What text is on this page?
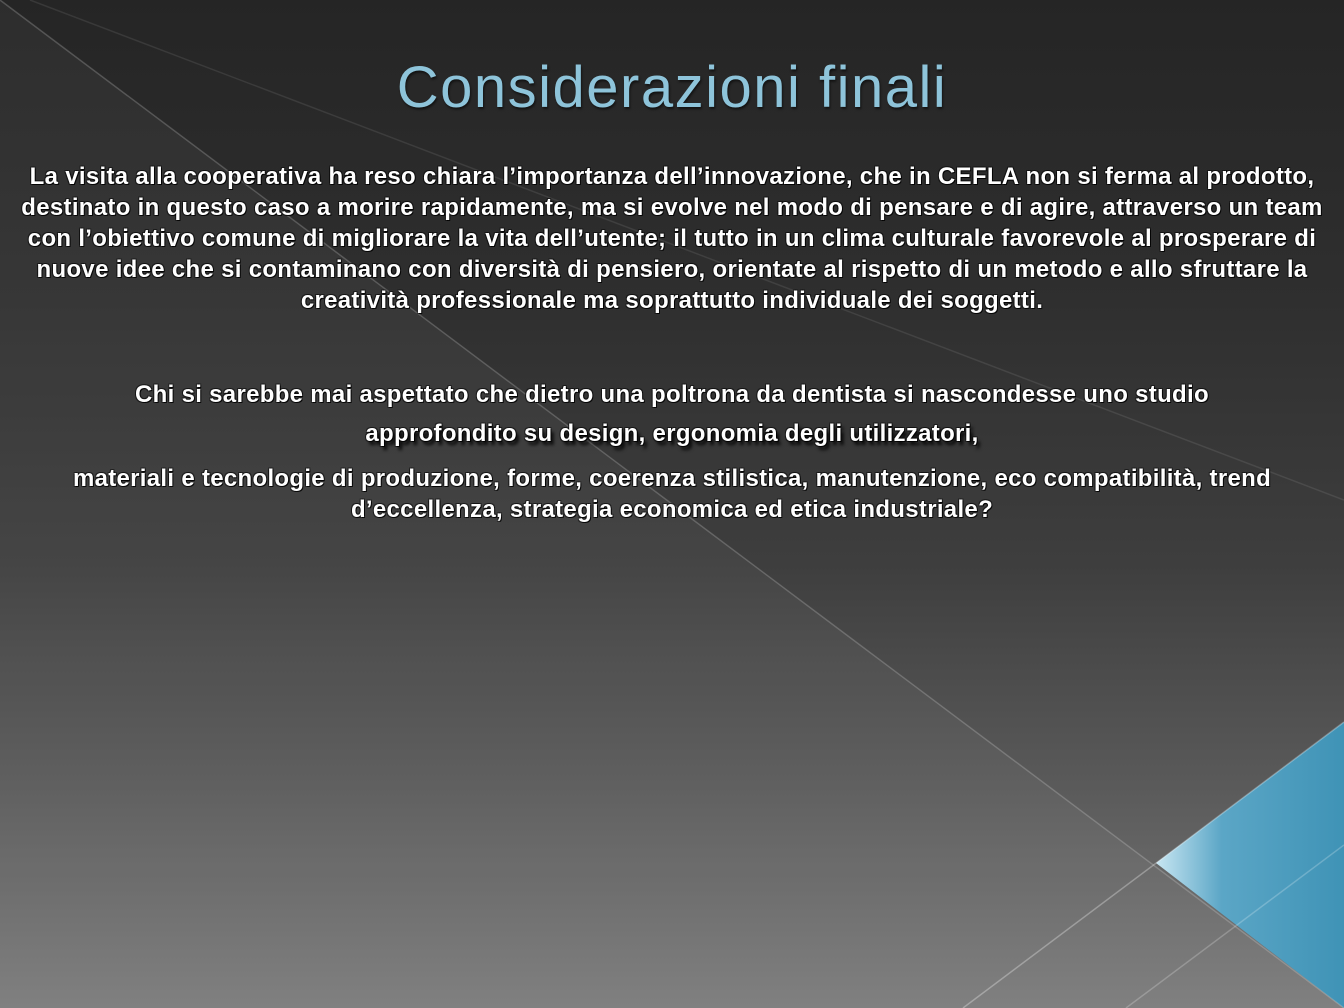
Considerazioni finali

La visita alla cooperativa ha reso chiara l’importanza dell’innovazione, che in CEFLA non si ferma al prodotto, destinato in questo caso a morire rapidamente, ma si evolve nel modo di pensare e di agire, attraverso un team con l’obiettivo comune di migliorare la vita dell’utente; il tutto in un clima culturale favorevole al prosperare di nuove idee che si contaminano con diversità di pensiero, orientate al rispetto di un metodo e allo sfruttare la creatività professionale ma soprattutto individuale dei soggetti.

Chi si sarebbe mai aspettato che dietro una poltrona da dentista si nascondesse uno studio

approfondito su design, ergonomia degli utilizzatori,

materiali e tecnologie di produzione, forme, coerenza stilistica, manutenzione, eco compatibilità, trend d’eccellenza, strategia economica ed etica industriale?
